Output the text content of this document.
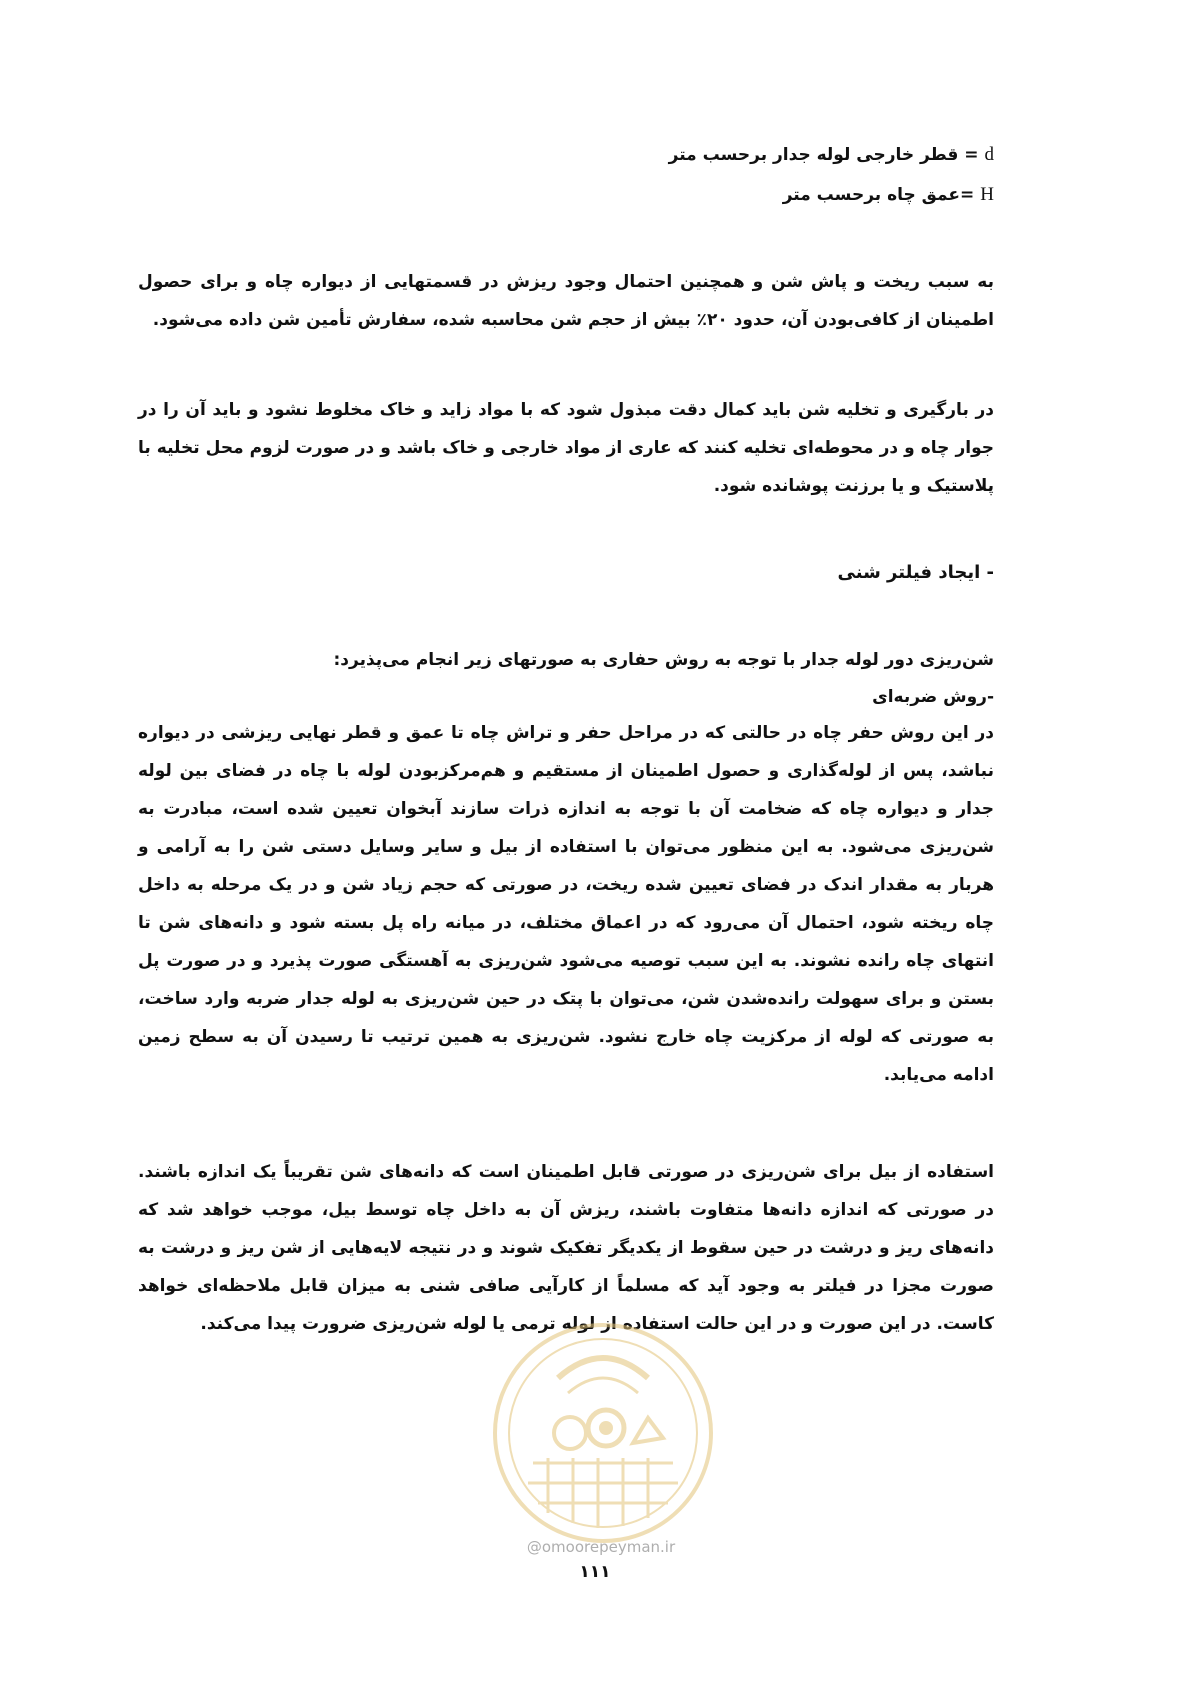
d= قطر خارجی لوله جدار برحسب متر
H=عمق چاه برحسب متر

به سبب ریخت و پاش شن و همچنین احتمال وجود ریزش در قسمتهایی از دیواره چاه و برای حصول اطمینان از کافی‌بودن آن، حدود ۲۰٪ بیش از حجم شن محاسبه شده، سفارش تأمین شن داده می‌شود.

در بارگیری و تخلیه شن باید کمال دقت مبذول شود که با مواد زاید و خاک مخلوط نشود و باید آن را در جوار چاه و در محوطه‌ای تخلیه کنند که عاری از مواد خارجی و خاک باشد و در صورت لزوم محل تخلیه با پلاستیک و یا برزنت پوشانده شود.

- ایجاد فیلتر شنی

شن‌ریزی دور لوله جدار با توجه به روش حفاری به صورتهای زیر انجام می‌پذیرد:

-روش ضربه‌ای

در این روش حفر چاه در حالتی که در مراحل حفر و تراش چاه تا عمق و قطر نهایی ریزشی در دیواره نباشد، پس از لوله‌گذاری و حصول اطمینان از مستقیم و هم‌مرکزبودن لوله با چاه در فضای بین لوله جدار و دیواره چاه که ضخامت آن با توجه به اندازه ذرات سازند آبخوان تعیین شده است، مبادرت به شن‌ریزی می‌شود. به این منظور می‌توان با استفاده از بیل و سایر وسایل دستی شن را به آرامی و هربار به مقدار اندک در فضای تعیین شده ریخت، در صورتی که حجم زیاد شن و در یک مرحله به داخل چاه ریخته شود، احتمال آن می‌رود که در اعماق مختلف، در میانه راه پل بسته شود و دانه‌های شن تا انتهای چاه رانده نشوند. به این سبب توصیه می‌شود شن‌ریزی به آهستگی صورت پذیرد و در صورت پل بستن و برای سهولت رانده‌شدن شن، می‌توان با پتک در حین شن‌ریزی به لوله جدار ضربه وارد ساخت، به صورتی که لوله از مرکزیت چاه خارج نشود. شن‌ریزی به همین ترتیب تا رسیدن آن به سطح زمین ادامه می‌یابد.

استفاده از بیل برای شن‌ریزی در صورتی قابل اطمینان است که دانه‌های شن تقریباً یک اندازه باشند. در صورتی که اندازه دانه‌ها متفاوت باشند، ریزش آن به داخل چاه توسط بیل، موجب خواهد شد که دانه‌های ریز و درشت در حین سقوط از یکدیگر تفکیک شوند و در نتیجه لایه‌هایی از شن ریز و درشت به صورت مجزا در فیلتر به وجود آید که مسلماً از کارآیی صافی شنی به میزان قابل ملاحظه‌ای خواهد کاست. در این صورت و در این حالت استفاده از لوله ترمی یا لوله شن‌ریزی ضرورت پیدا می‌کند.

@omoorepeyman.ir
۱۱۱
